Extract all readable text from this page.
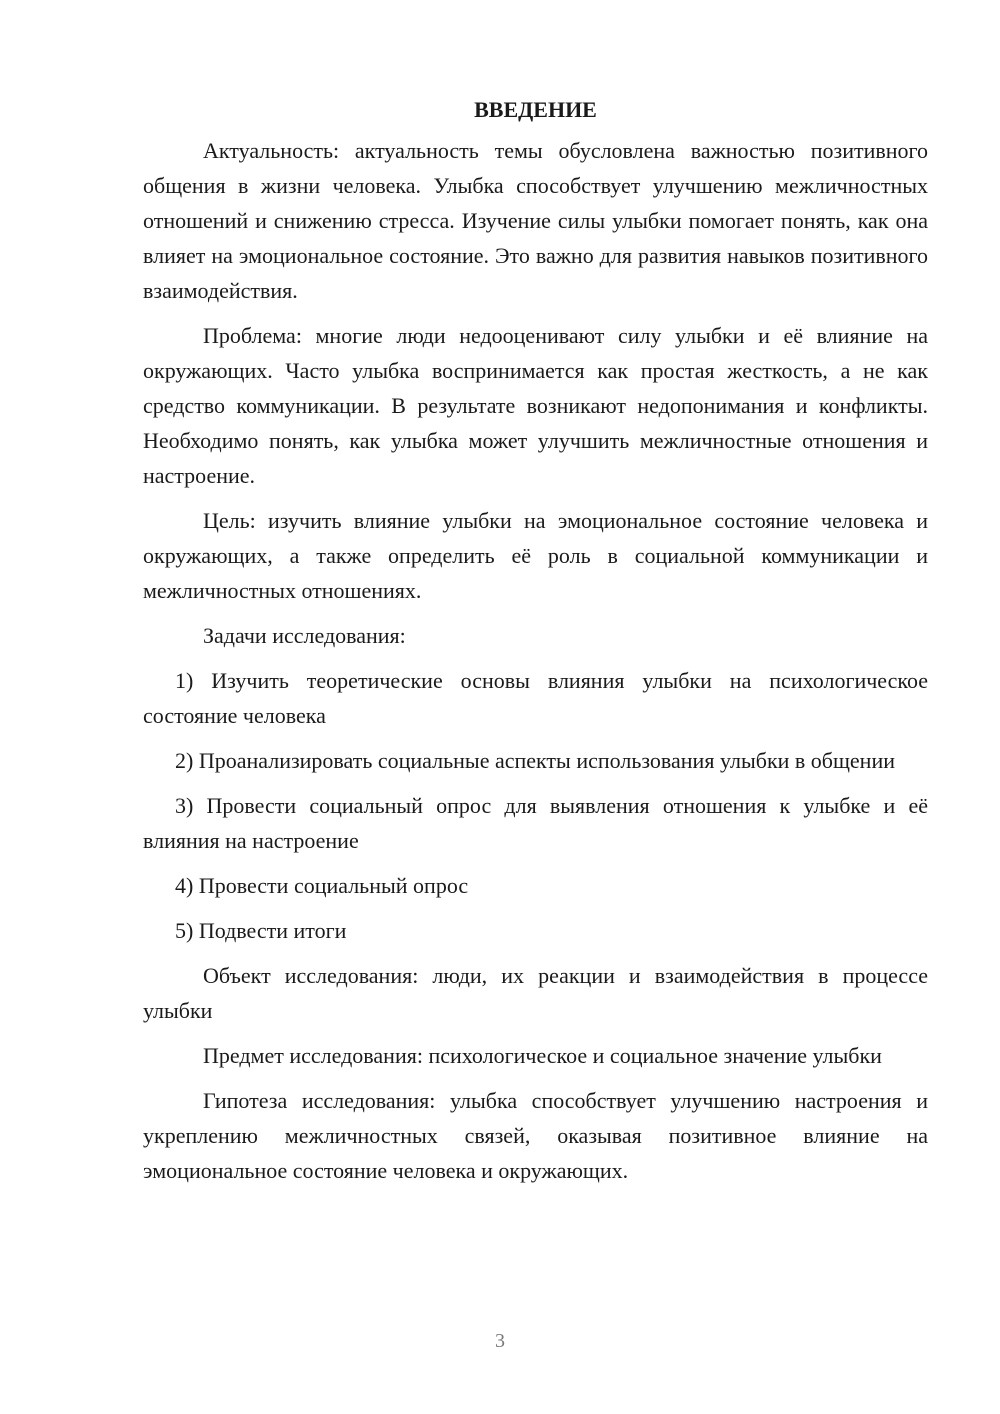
ВВЕДЕНИЕ

Актуальность: актуальность темы обусловлена важностью позитивного общения в жизни человека. Улыбка способствует улучшению межличностных отношений и снижению стресса. Изучение силы улыбки помогает понять, как она влияет на эмоциональное состояние. Это важно для развития навыков позитивного взаимодействия.

Проблема: многие люди недооценивают силу улыбки и её влияние на окружающих. Часто улыбка воспринимается как простая жесткость, а не как средство коммуникации. В результате возникают недопонимания и конфликты. Необходимо понять, как улыбка может улучшить межличностные отношения и настроение.

Цель: изучить влияние улыбки на эмоциональное состояние человека и окружающих, а также определить её роль в социальной коммуникации и межличностных отношениях.

Задачи исследования:

1) Изучить теоретические основы влияния улыбки на психологическое состояние человека

2) Проанализировать социальные аспекты использования улыбки в общении

3) Провести социальный опрос для выявления отношения к улыбке и её влияния на настроение

4) Провести социальный опрос

5) Подвести итоги

Объект исследования: люди, их реакции и взаимодействия в процессе улыбки

Предмет исследования: психологическое и социальное значение улыбки

Гипотеза исследования: улыбка способствует улучшению настроения и укреплению межличностных связей, оказывая позитивное влияние на эмоциональное состояние человека и окружающих.

3
